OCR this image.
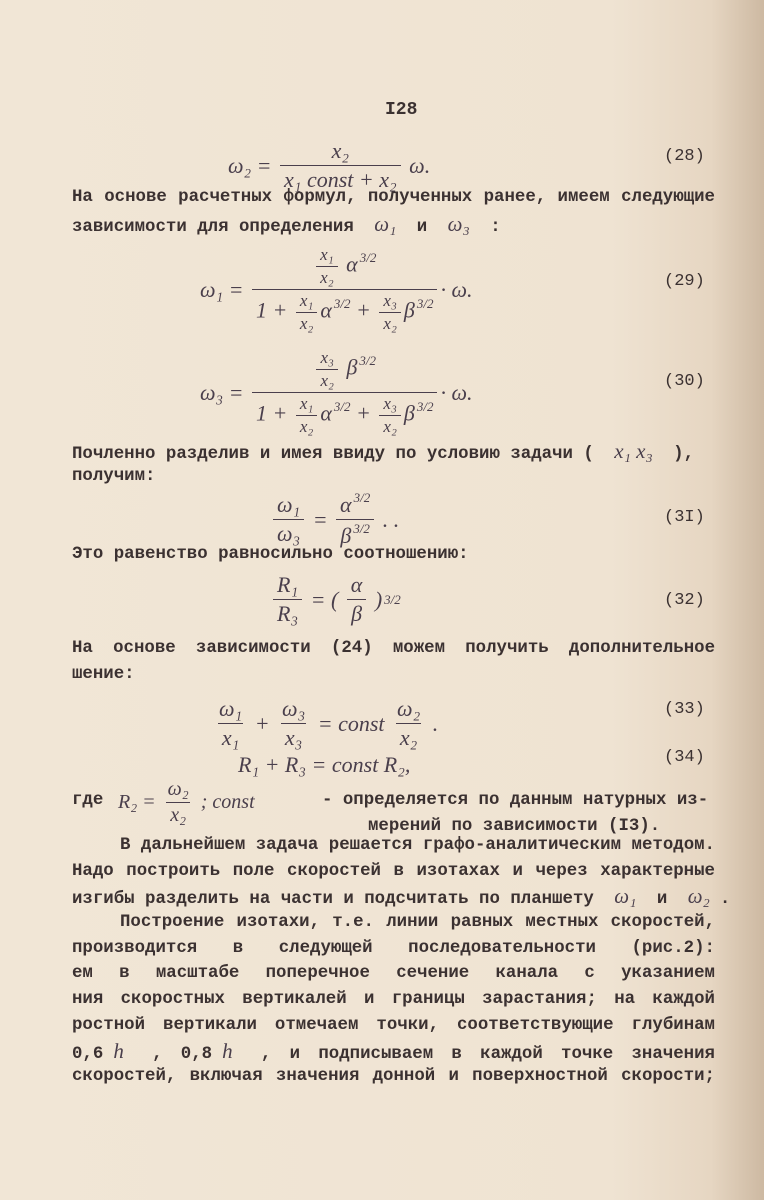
I28
$\omega_2 = \frac{\text{x₂}}{\text{x₁ const + x₂}} \omega$.	(28)
На основе расчетных формул, полученных ранее, имеем следующие
зависимости для определения ω₁ и ω₃ :
$\omega_1 = \frac{\frac{\text{x₁}}{\text{x₂}} \alpha ^{3/2}}{1 + \frac{\text{x₁}}{\text{x₂}} \alpha ^{3/2} + \frac{\text{x₃}}{\text{x₂}} \beta ^{3/2}} \cdot \omega$.	(29)
$\omega_3 = \frac{\frac{\text{x₃}}{\text{x₂}} \beta ^{3/2}}{1 + \frac{\text{x₁}}{\text{x₂}} \alpha ^{3/2} + \frac{\text{x₃}}{\text{x₂}} \beta ^{3/2}} \cdot \omega$.	(30)
Почленно разделив и имея ввиду по условию задачи ( x₁ x₃ ),
получим:
$\frac{\text{ω₁}}{\text{ω₃}} = \frac{\alpha ^{3/2}}{\beta ^{3/2}}$ . .	(3I)
Это равенство равносильно соотношению:
$\frac{\text{R₁}}{\text{R₃}}$ = ( $\frac{\alpha}{\beta}$ ) 3/2	(32)
На основе зависимости (24) можем получить дополнительное
шение:
$\frac{\text{ω₁}}{\text{x₁}} + \frac{\text{ω₃}}{\text{x₃}}$ = const $\frac{\text{ω₂}}{\text{x₂}}$ .
(33)
R₁ + R₃ = const R₂,	(34)
где $R_2 = \frac{\text{ω₂}}{\text{x₂}}$ ; const	- определяется по данным натурных из-
мерений по зависимости (I3).
В дальнейшем задача решается графо-аналитическим методом.
Надо построить поле скоростей в изотахах и через характерные
изгибы разделить на части и подсчитать по планшету ω₁ и ω₂ .
Построение изотахи, т.е. линии равных местных скоростей,
производится в следующей последовательности (рис.2):
ем в масштабе поперечное сечение канала с указанием
ния скоростных вертикалей и границы зарастания; на каждой
ростной вертикали отмечаем точки, соответствующие глубинам
0,6 h , 0,8 h , и подписываем в каждой точке значения
скоростей, включая значения донной и поверхностной скорости;
